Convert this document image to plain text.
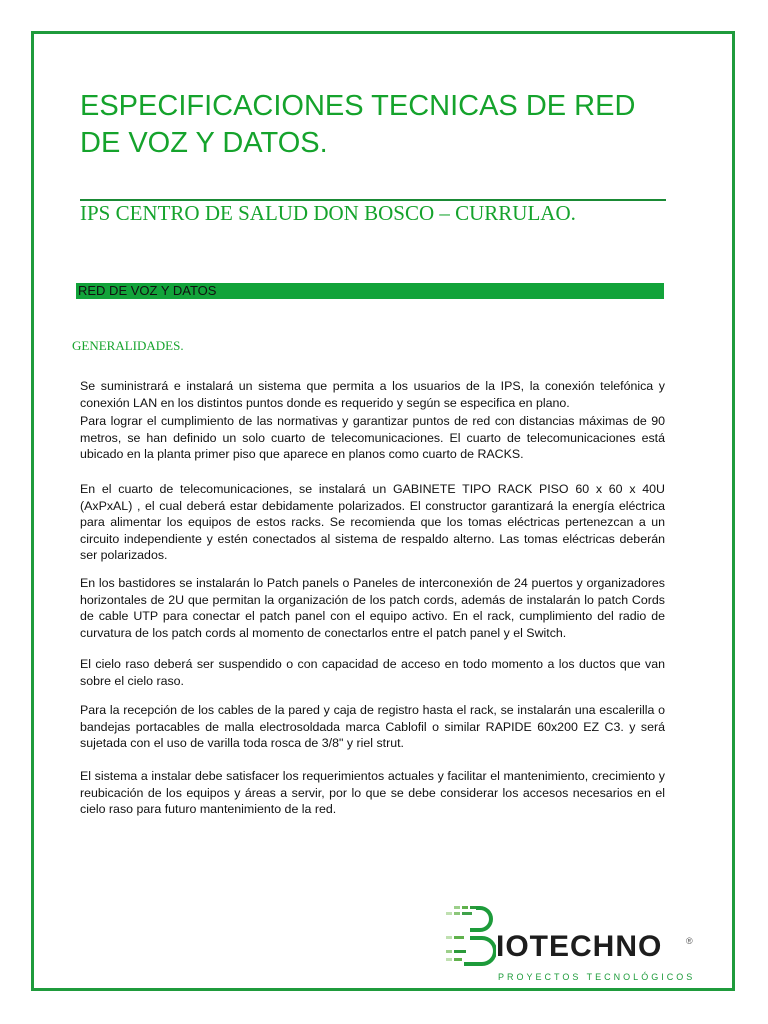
ESPECIFICACIONES TECNICAS DE RED DE VOZ Y DATOS.
IPS CENTRO DE SALUD DON BOSCO – CURRULAO.
RED DE VOZ Y DATOS
GENERALIDADES.

Se suministrará e instalará un sistema que permita a los usuarios de la IPS, la conexión telefónica y conexión LAN en los distintos puntos donde es requerido y según se especifica en plano.

Para lograr el cumplimiento de las normativas y garantizar puntos de red con distancias máximas de 90 metros, se han definido un solo cuarto de telecomunicaciones. El cuarto de telecomunicaciones está ubicado en la planta primer piso que aparece en planos como cuarto de RACKS.

En el cuarto de telecomunicaciones, se instalará un GABINETE TIPO RACK PISO 60 x 60 x 40U (AxPxAL) , el cual deberá estar debidamente polarizados. El constructor garantizará la energía eléctrica para alimentar los equipos de estos racks. Se recomienda que los tomas eléctricas pertenezcan a un circuito independiente y estén conectados al sistema de respaldo alterno. Las tomas eléctricas deberán ser polarizados.

En los bastidores se instalarán lo Patch panels o Paneles de interconexión de 24 puertos y organizadores horizontales de 2U que permitan la organización de los patch cords, además de instalarán lo patch Cords de cable UTP para conectar el patch panel con el equipo activo. En el rack, cumplimiento del radio de curvatura de los patch cords al momento de conectarlos entre el patch panel y el Switch.

El cielo raso deberá ser suspendido o con capacidad de acceso en todo momento a los ductos que van sobre el cielo raso.

Para la recepción de los cables de la pared y caja de registro hasta el rack, se instalarán una escalerilla o bandejas portacables de malla electrosoldada marca Cablofil o similar RAPIDE 60x200 EZ C3. y será sujetada con el uso de varilla toda rosca de 3/8" y riel strut.

El sistema a instalar debe satisfacer los requerimientos actuales y facilitar el mantenimiento, crecimiento y reubicación de los equipos y áreas a servir, por lo que se debe considerar los accesos necesarios en el cielo raso para futuro mantenimiento de la red.

IOTECHNO	®
PROYECTOS TECNOLÓGICOS
